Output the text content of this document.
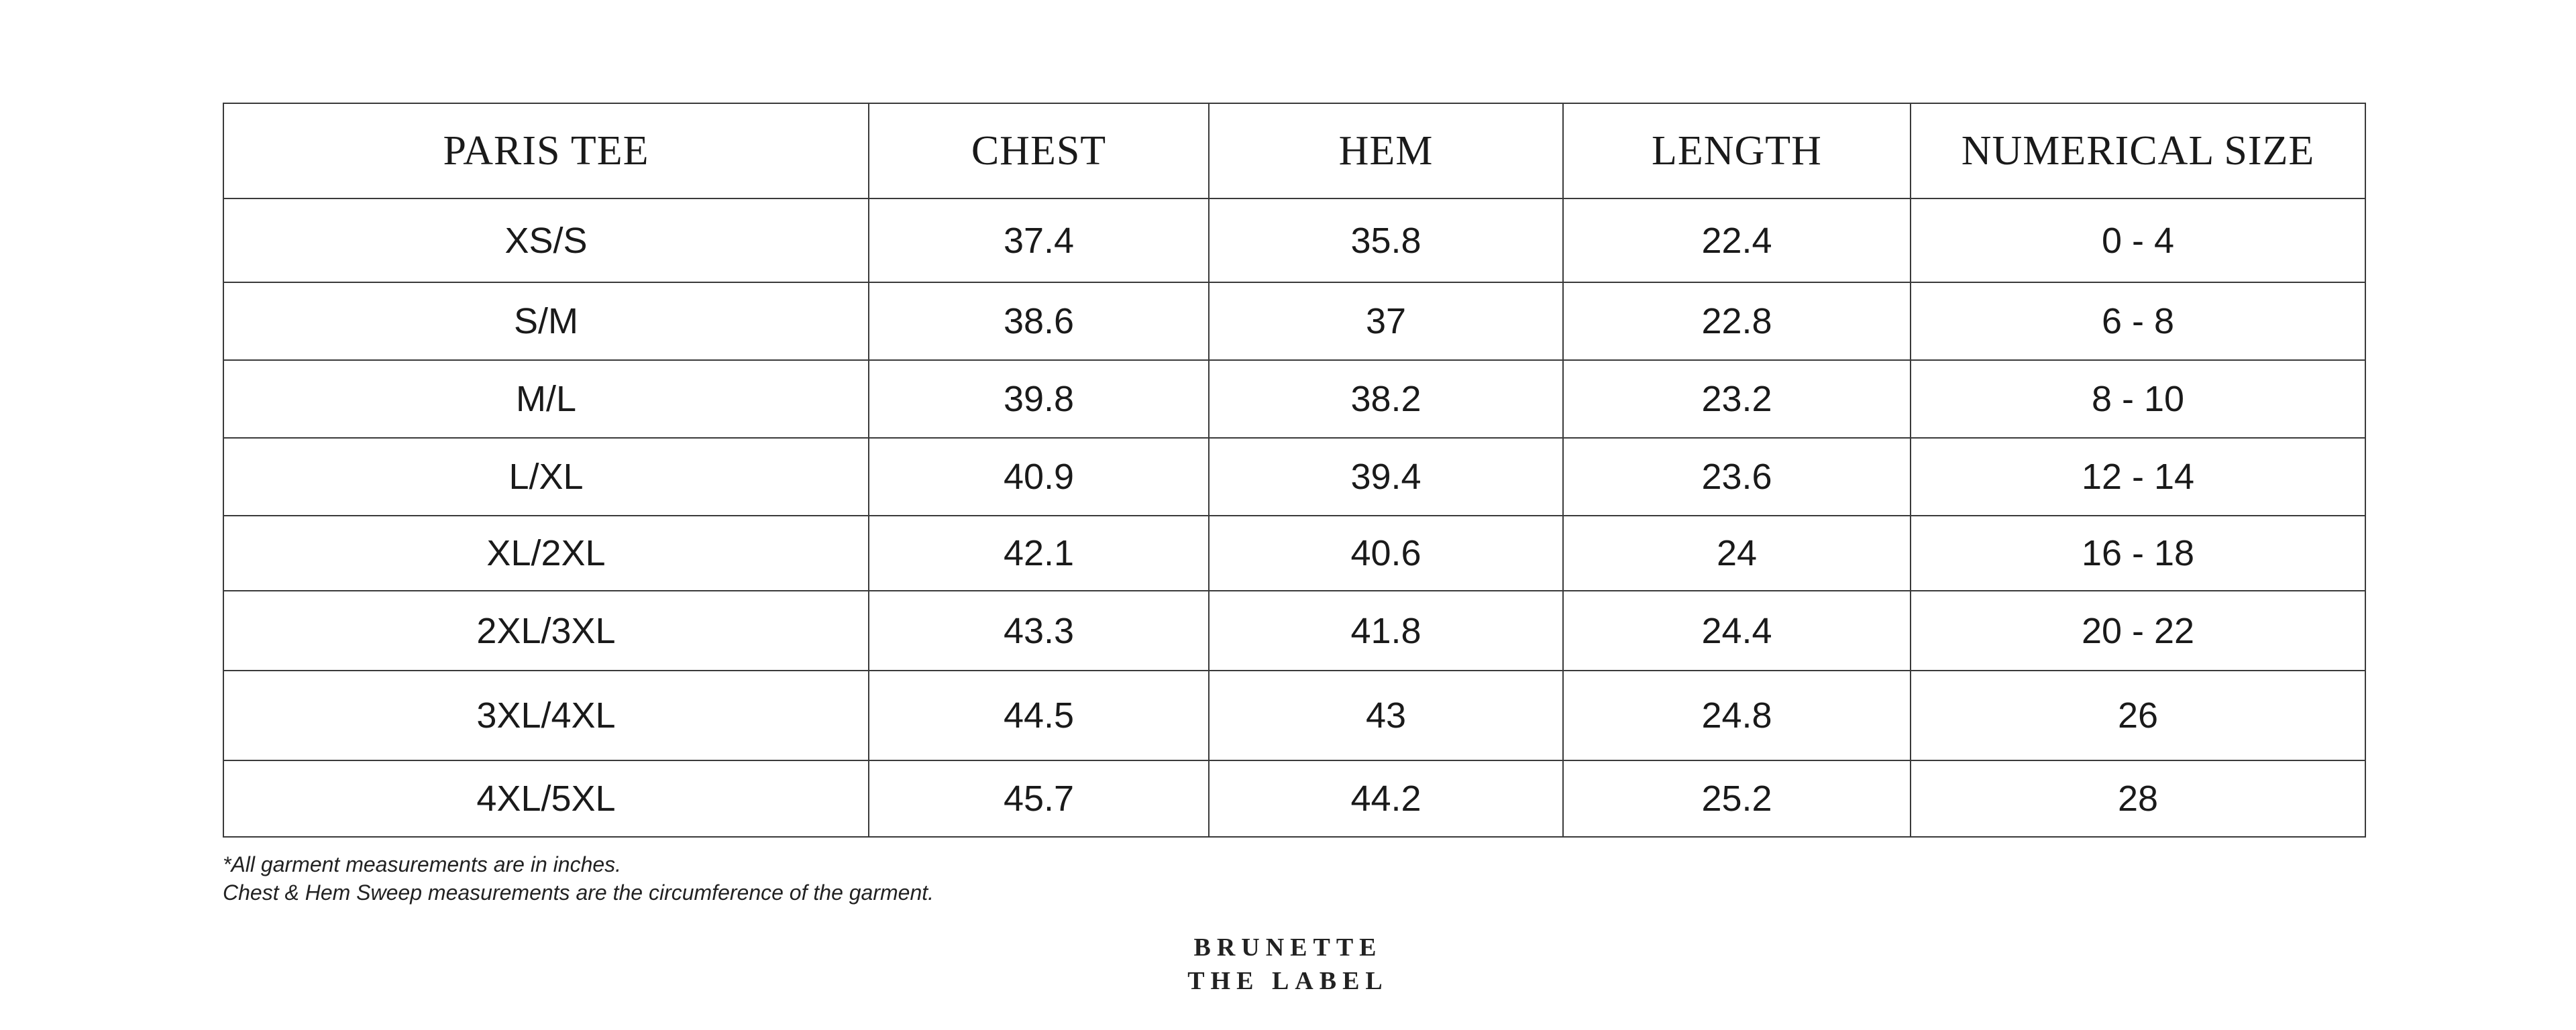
PARIS TEE	CHEST	HEM	LENGTH	NUMERICAL SIZE
XS/S	37.4	35.8	22.4	0 - 4
S/M	38.6	37	22.8	6 - 8
M/L	39.8	38.2	23.2	8 - 10
L/XL	40.9	39.4	23.6	12 - 14
XL/2XL	42.1	40.6	24	16 - 18
2XL/3XL	43.3	41.8	24.4	20 - 22
3XL/4XL	44.5	43	24.8	26
4XL/5XL	45.7	44.2	25.2	28
*All garment measurements are in inches.
Chest & Hem Sweep measurements are the circumference of the garment.
BRUNETTE
THE LABEL
